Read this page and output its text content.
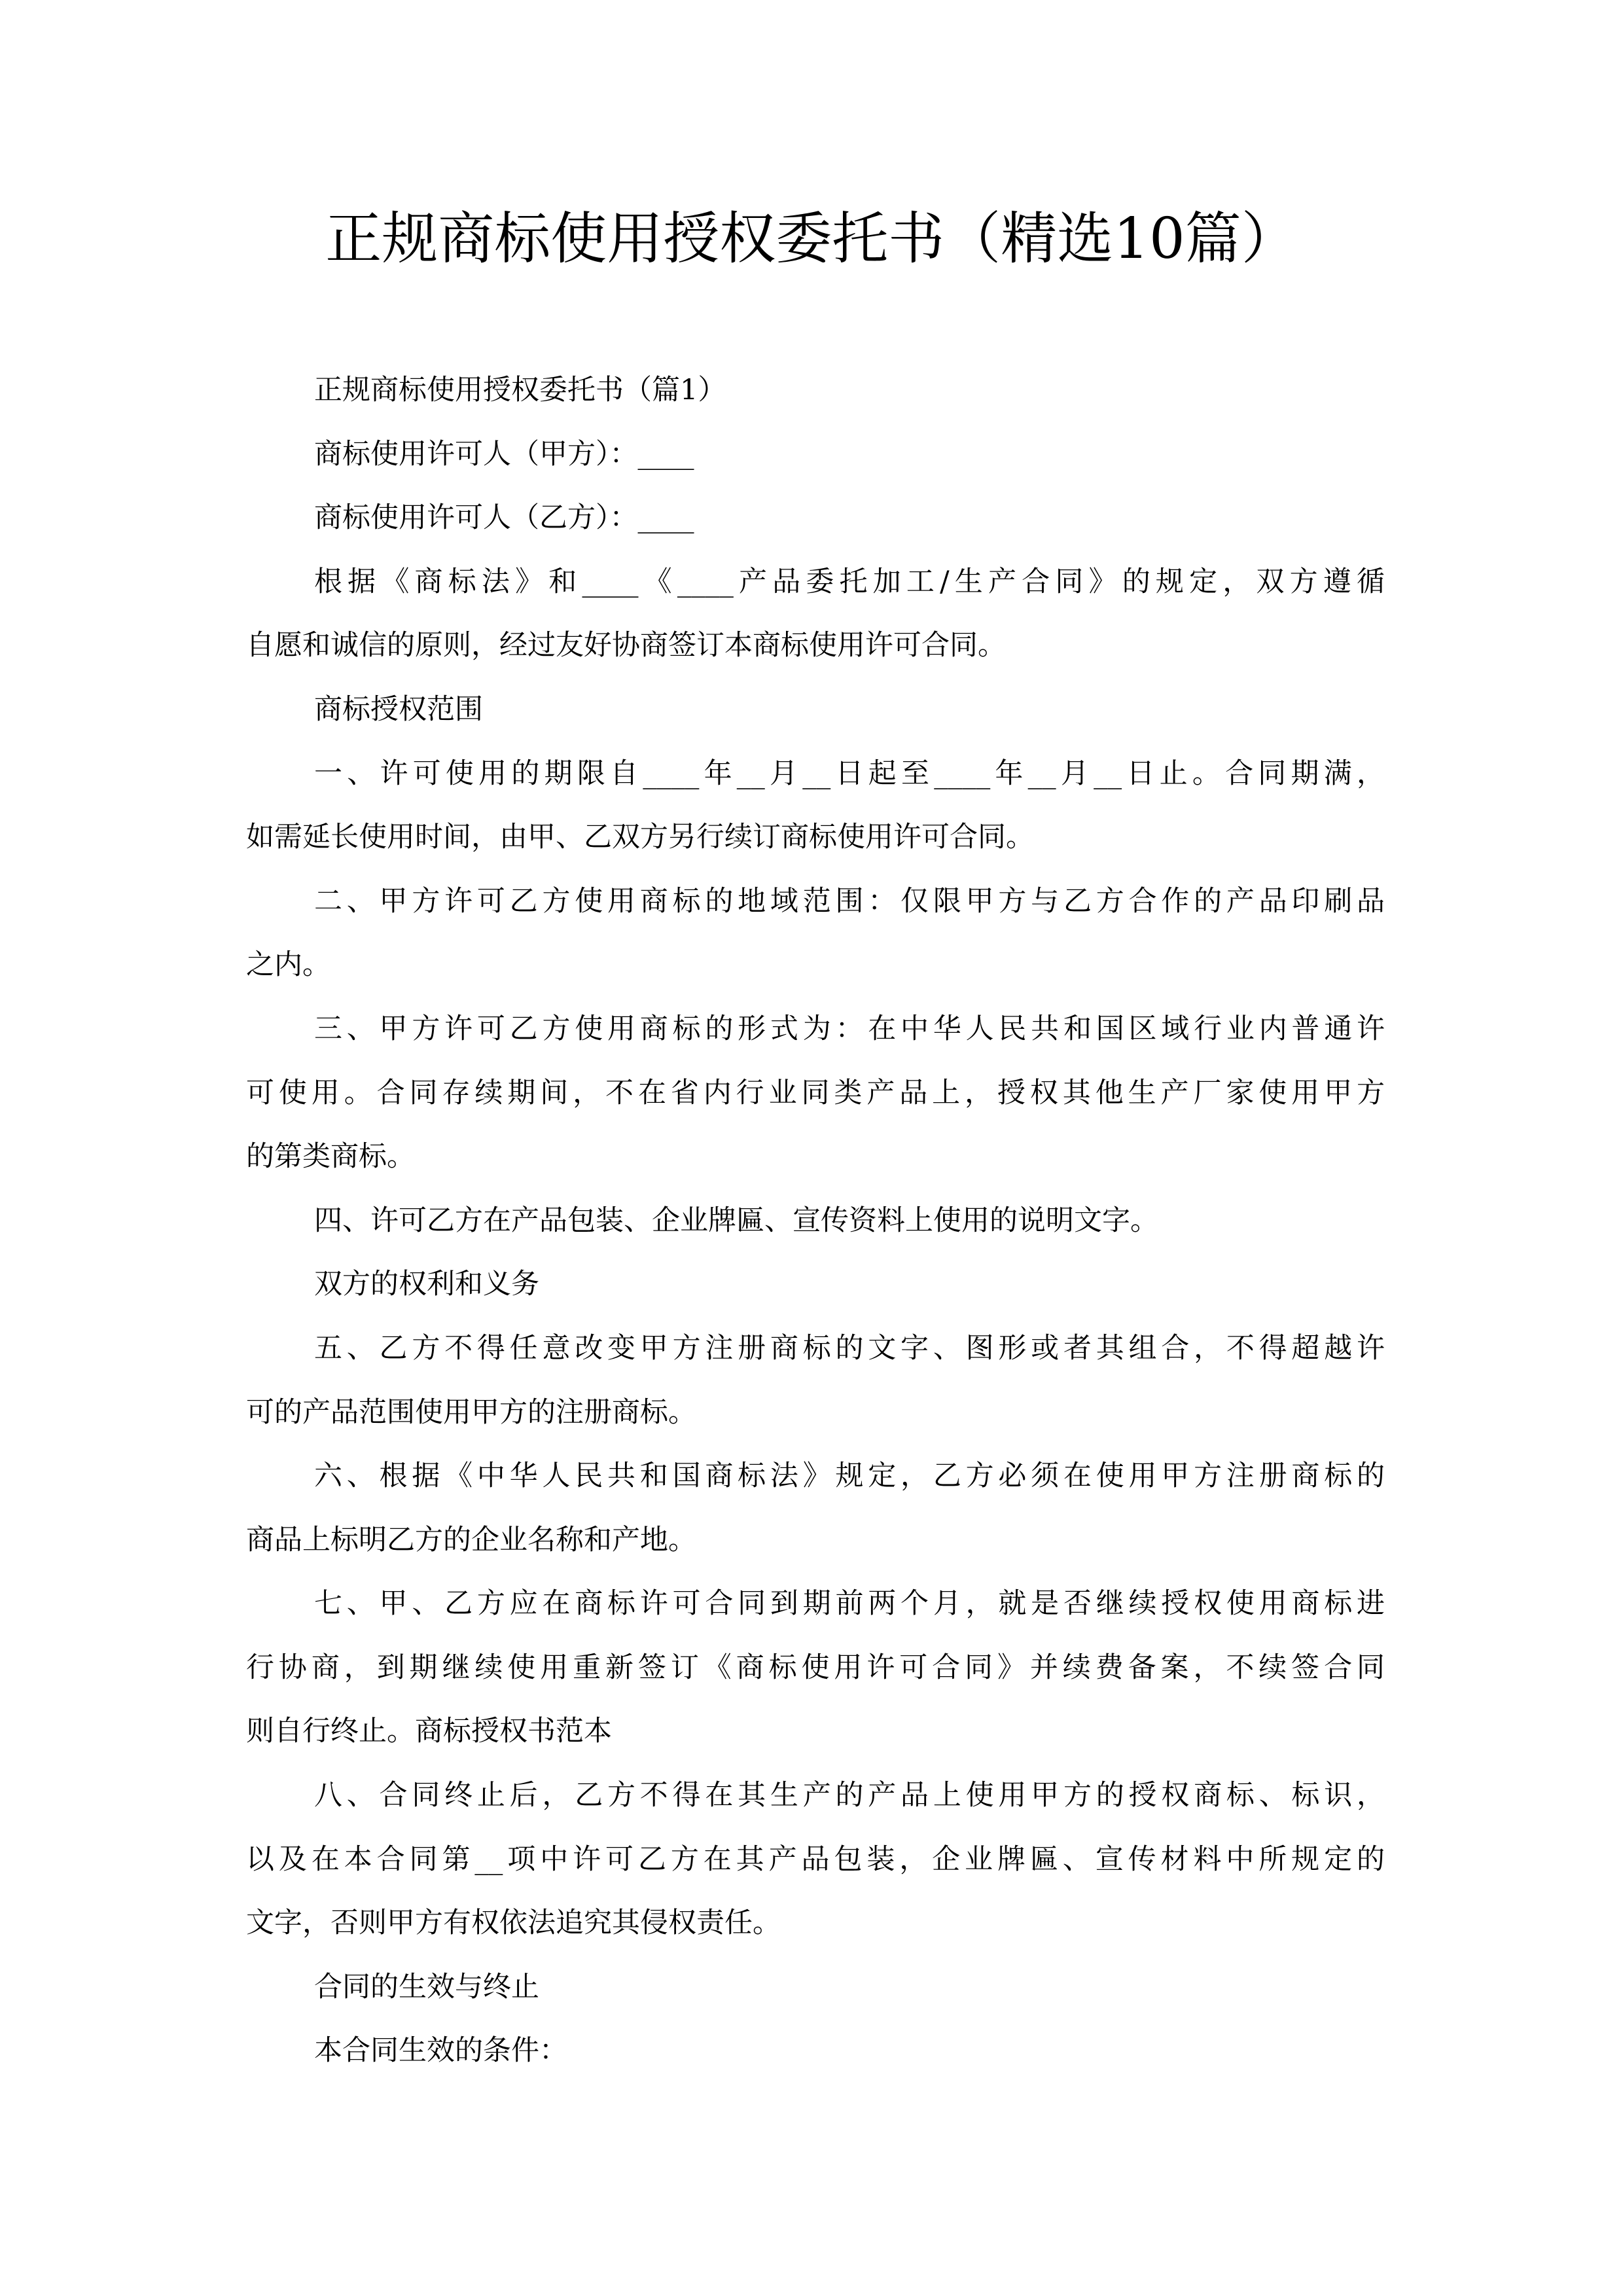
正规商标使用授权委托书（精选10篇）
正规商标使用授权委托书（篇1）
商标使用许可人（甲方）：____
商标使用许可人（乙方）：____
根据《商标法》和____《____产品委托加工/生产合同》的规定，双方遵循
自愿和诚信的原则，经过友好协商签订本商标使用许可合同。
商标授权范围
一、许可使用的期限自____年__月__日起至____年__月__日止。合同期满，
如需延长使用时间，由甲、乙双方另行续订商标使用许可合同。
二、甲方许可乙方使用商标的地域范围：仅限甲方与乙方合作的产品印刷品
之内。
三、甲方许可乙方使用商标的形式为：在中华人民共和国区域行业内普通许
可使用。合同存续期间，不在省内行业同类产品上，授权其他生产厂家使用甲方
的第类商标。
四、许可乙方在产品包装、企业牌匾、宣传资料上使用的说明文字。
双方的权利和义务
五、乙方不得任意改变甲方注册商标的文字、图形或者其组合，不得超越许
可的产品范围使用甲方的注册商标。
六、根据《中华人民共和国商标法》规定，乙方必须在使用甲方注册商标的
商品上标明乙方的企业名称和产地。
七、甲、乙方应在商标许可合同到期前两个月，就是否继续授权使用商标进
行协商，到期继续使用重新签订《商标使用许可合同》并续费备案，不续签合同
则自行终止。商标授权书范本
八、合同终止后，乙方不得在其生产的产品上使用甲方的授权商标、标识，
以及在本合同第__项中许可乙方在其产品包装，企业牌匾、宣传材料中所规定的
文字，否则甲方有权依法追究其侵权责任。
合同的生效与终止
本合同生效的条件：
